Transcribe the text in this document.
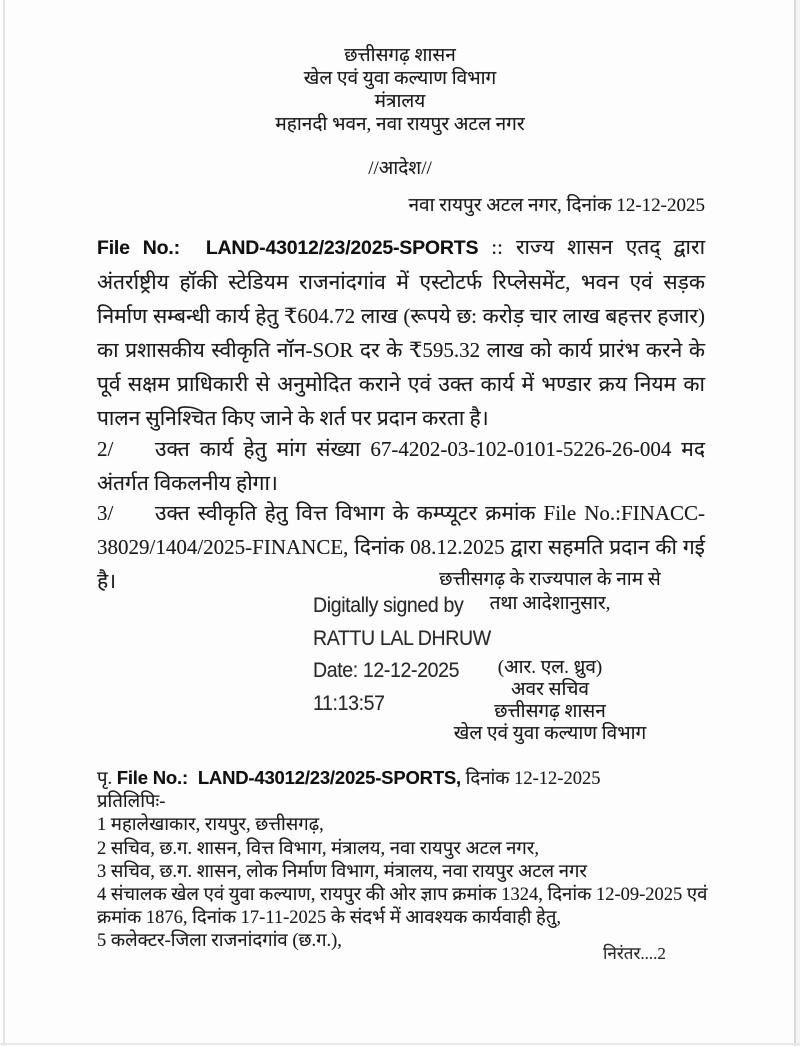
छत्तीसगढ़ शासन
खेल एवं युवा कल्याण विभाग
मंत्रालय
महानदी भवन, नवा रायपुर अटल नगर
//आदेश//
नवा रायपुर अटल नगर, दिनांक 12-12-2025
File No.: LAND-43012/23/2025-SPORTS :: राज्य शासन एतद् द्वारा अंतर्राष्ट्रीय हॉकी स्टेडियम राजनांदगांव में एस्टोटर्फ रिप्लेसमेंट, भवन एवं सड़क निर्माण सम्बन्धी कार्य हेतु ₹604.72 लाख (रूपये छ: करोड़ चार लाख बहत्तर हजार) का प्रशासकीय स्वीकृति नॉन-SOR दर के ₹595.32 लाख को कार्य प्रारंभ करने के पूर्व सक्षम प्राधिकारी से अनुमोदित कराने एवं उक्त कार्य में भण्डार क्रय नियम का पालन सुनिश्चित किए जाने के शर्त पर प्रदान करता है।
2/ उक्त कार्य हेतु मांग संख्या 67-4202-03-102-0101-5226-26-004 मद अंतर्गत विकलनीय होगा।
3/ उक्त स्वीकृति हेतु वित्त विभाग के कम्प्यूटर क्रमांक File No.:FINACC-38029/1404/2025-FINANCE, दिनांक 08.12.2025 द्वारा सहमति प्रदान की गई है।
Digitally signed by
RATTU LAL DHRUW
Date: 12-12-2025
11:13:57
छत्तीसगढ़ के राज्यपाल के नाम से
तथा आदेशानुसार,
(आर. एल. ध्रुव)
अवर सचिव
छत्तीसगढ़ शासन
खेल एवं युवा कल्याण विभाग
पृ. File No.: LAND-43012/23/2025-SPORTS, दिनांक 12-12-2025
प्रतिलिपिः-
1 महालेखाकार, रायपुर, छत्तीसगढ़,
2 सचिव, छ.ग. शासन, वित्त विभाग, मंत्रालय, नवा रायपुर अटल नगर,
3 सचिव, छ.ग. शासन, लोक निर्माण विभाग, मंत्रालय, नवा रायपुर अटल नगर
4 संचालक खेल एवं युवा कल्याण, रायपुर की ओर ज्ञाप क्रमांक 1324, दिनांक 12-09-2025 एवं क्रमांक 1876, दिनांक 17-11-2025 के संदर्भ में आवश्यक कार्यवाही हेतु,
5 कलेक्टर-जिला राजनांदगांव (छ.ग.),
निरंतर....2
